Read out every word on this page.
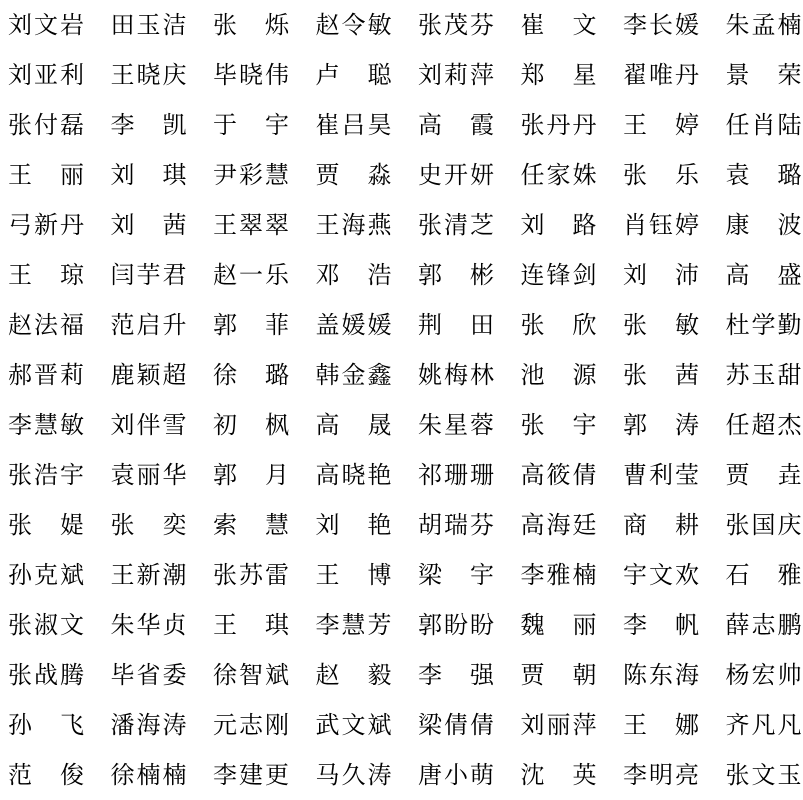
刘文岩 田玉洁 张 烁 赵令敏 张茂芬 崔 文 李长媛 朱孟楠
刘亚利 王晓庆 毕晓伟 卢 聪 刘莉萍 郑 星 翟唯丹 景 荣
张付磊 李 凯 于 宇 崔吕昊 高 霞 张丹丹 王 婷 任肖陆
王 丽 刘 琪 尹彩慧 贾 淼 史开妍 任家姝 张 乐 袁 璐
弓新丹 刘 茜 王翠翠 王海燕 张清芝 刘 路 肖钰婷 康 波
王 琼 闫芋君 赵一乐 邓 浩 郭 彬 连锋剑 刘 沛 高 盛
赵法福 范启升 郭 菲 盖媛媛 荆 田 张 欣 张 敏 杜学勤
郝晋莉 鹿颖超 徐 璐 韩金鑫 姚梅林 池 源 张 茜 苏玉甜
李慧敏 刘伴雪 初 枫 高 晟 朱星蓉 张 宇 郭 涛 任超杰
张浩宇 袁丽华 郭 月 高晓艳 祁珊珊 高筱倩 曹利莹 贾 垚
张 媞 张 奕 索 慧 刘 艳 胡瑞芬 高海廷 商 耕 张国庆
孙克斌 王新潮 张苏雷 王 博 梁 宇 李雅楠 宇文欢 石 雅
张淑文 朱华贞 王 琪 李慧芳 郭盼盼 魏 丽 李 帆 薛志鹏
张战腾 毕省委 徐智斌 赵 毅 李 强 贾 朝 陈东海 杨宏帅
孙 飞 潘海涛 元志刚 武文斌 梁倩倩 刘丽萍 王 娜 齐凡凡
范 俊 徐楠楠 李建更 马久涛 唐小萌 沈 英 李明亮 张文玉
